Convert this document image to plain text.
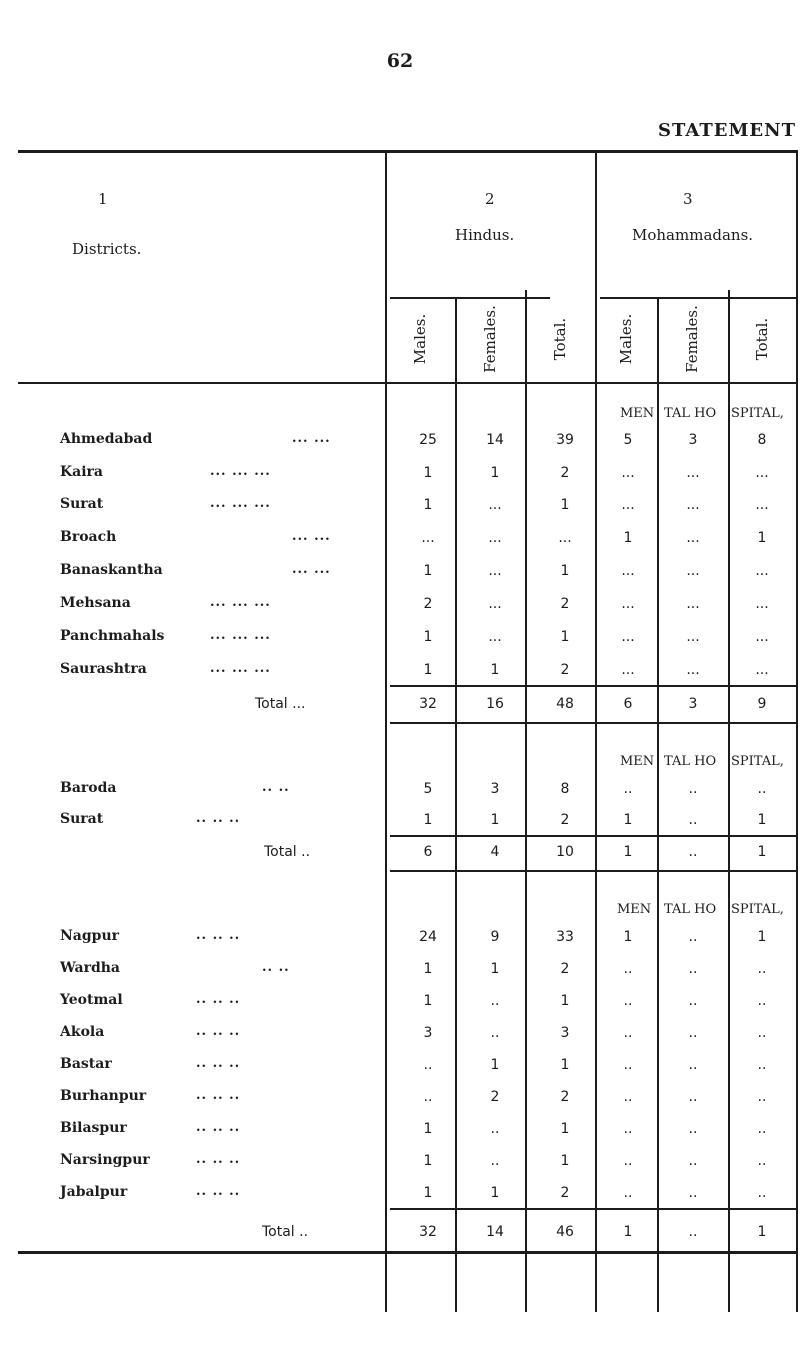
62
STATEMENT
1
Districts.
2
Hindus.
3
Mohammadans.
Males.	Females.	Total.	Males.	Females.	Total.
MEN TAL HO SPITAL,
Ahmedabad	... ...	25	14	39	5	3	8
Kaira	... ... ...	1	1	2	...	...	...
Surat	... ... ...	1	...	1	...	...	...
Broach	... ...	...	...	...	1	...	1
Banaskantha	... ...	1	...	1	...	...	...
Mehsana	... ... ...	2	...	2	...	...	...
Panchmahals	... ... ...	1	...	1	...	...	...
Saurashtra	... ... ...	1	1	2	...	...	...
Total ...	32	16	48	6	3	9
MEN TAL HO SPITAL,
Baroda	.. ..	5	3	8	..	..	..
Surat	.. .. ..	1	1	2	1	..	1
Total ..	6	4	10	1	..	1
MEN TAL HO SPITAL,
Nagpur	.. .. ..	24	9	33	1	..	1
Wardha	.. ..	1	1	2	..	..	..
Yeotmal	.. .. ..	1	..	1	..	..	..
Akola	.. .. ..	3	..	3	..	..	..
Bastar	.. .. ..	..	1	1	..	..	..
Burhanpur	.. .. ..	..	2	2	..	..	..
Bilaspur	.. .. ..	1	..	1	..	..	..
Narsingpur	.. .. ..	1	..	1	..	..	..
Jabalpur	.. .. ..	1	1	2	..	..	..
Total ..	32	14	46	1	..	1
